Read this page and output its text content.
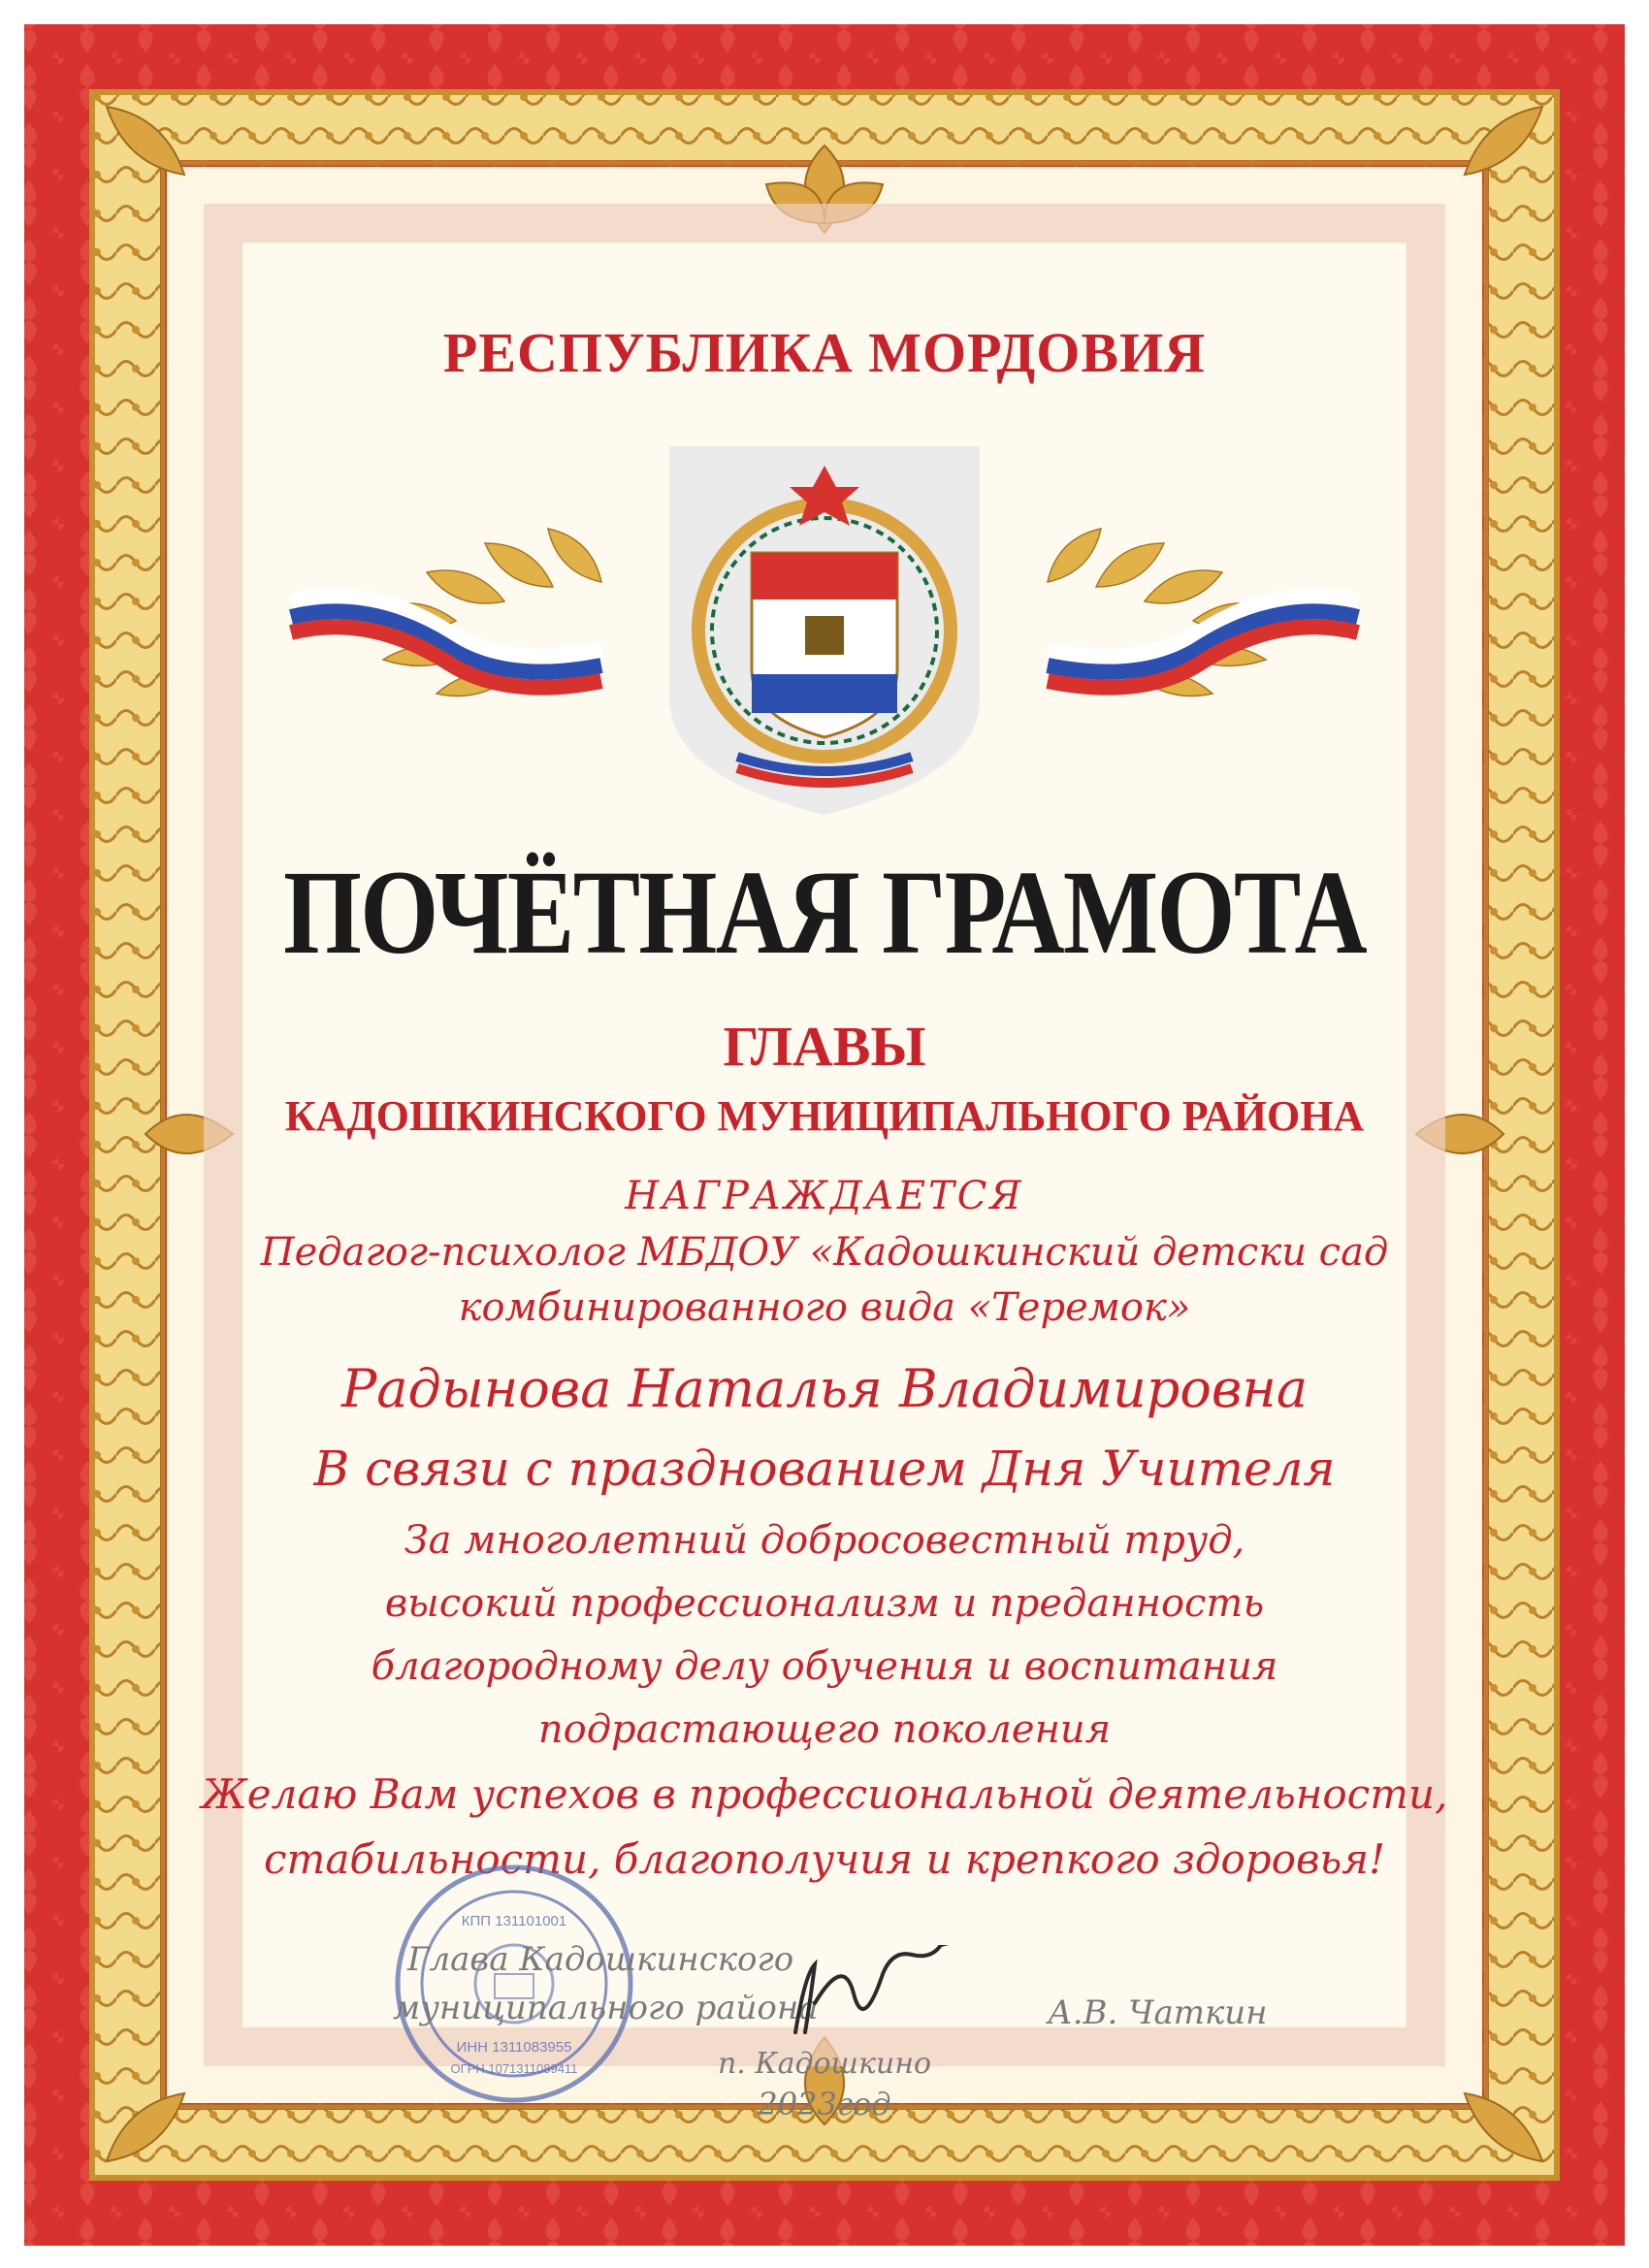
РЕСПУБЛИКА МОРДОВИЯ
ПОЧЁТНАЯ ГРАМОТА
ГЛАВЫ
КАДОШКИНСКОГО МУНИЦИПАЛЬНОГО РАЙОНА
НАГРАЖДАЕТСЯ
Педагог-психолог МБДОУ «Кадошкинский детски сад
комбинированного вида «Теремок»
Радынова Наталья Владимировна
В связи с празднованием Дня Учителя
За многолетний добросовестный труд,
высокий профессионализм и преданность
благородному делу обучения и воспитания
подрастающего поколения
Желаю Вам успехов в профессиональной деятельности,
стабильности, благополучия и крепкого здоровья!
КПП 131101001
ИНН 1311083955
ОГРН 1071311089411
Глава Кадошкинского
муниципального района	А.В. Чаткин
п. Кадошкино
2023год
